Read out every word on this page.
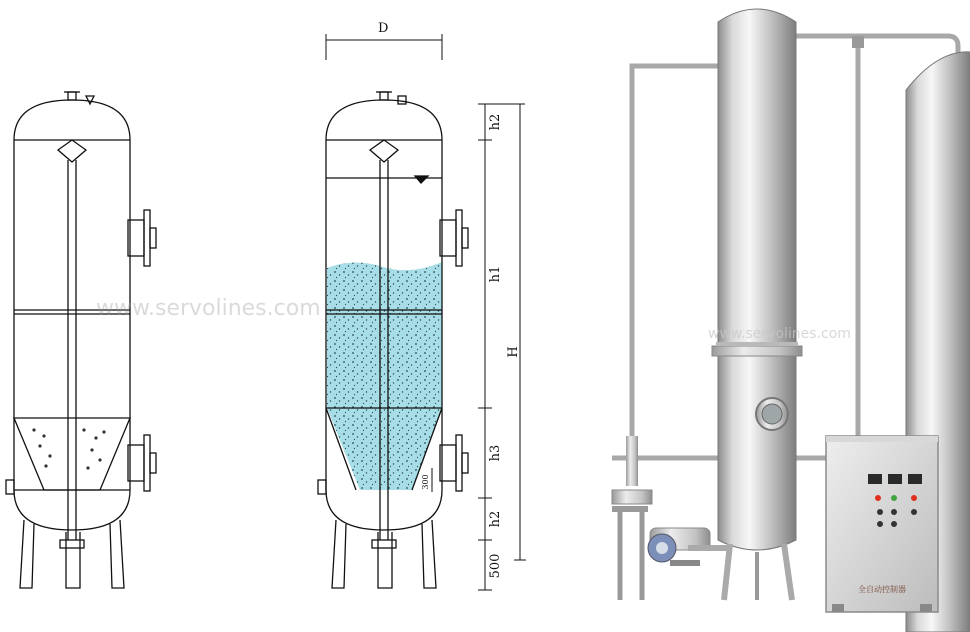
D
h2
h1
H
h3
h2
500
300
全自动控制器
www.servolines.com
www.servolines.com
